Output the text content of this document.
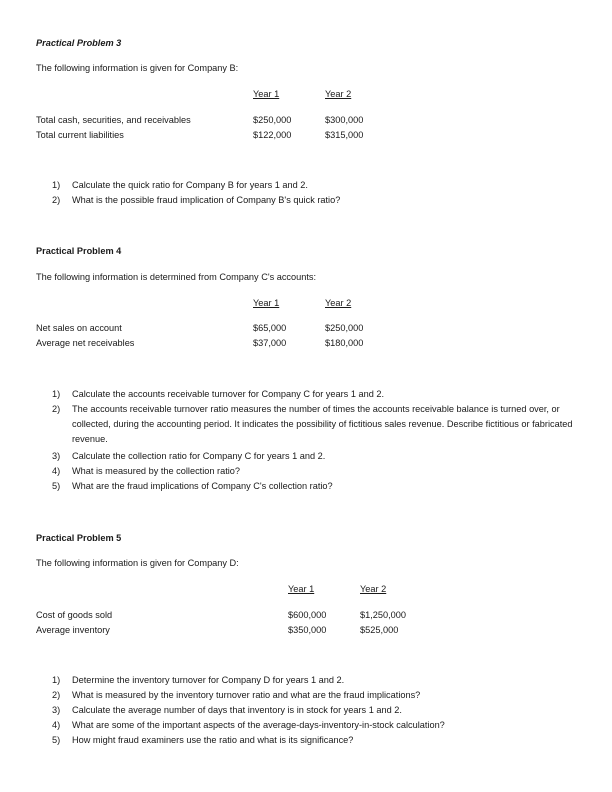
Practical Problem 3
The following information is given for Company B:
Year 1	Year 2
Total cash, securities, and receivables	$250,000	$300,000
Total current liabilities	$122,000	$315,000
1) Calculate the quick ratio for Company B for years 1 and 2.
2) What is the possible fraud implication of Company B's quick ratio?
Practical Problem 4
The following information is determined from Company C's accounts:
Year 1	Year 2
Net sales on account	$65,000	$250,000
Average net receivables	$37,000	$180,000
1) Calculate the accounts receivable turnover for Company C for years 1 and 2.
2) The accounts receivable turnover ratio measures the number of times the accounts receivable balance is turned over, or collected, during the accounting period. It indicates the possibility of fictitious sales revenue. Describe fictitious or fabricated revenue.
3) Calculate the collection ratio for Company C for years 1 and 2.
4) What is measured by the collection ratio?
5) What are the fraud implications of Company C's collection ratio?
Practical Problem 5
The following information is given for Company D:
Year 1	Year 2
Cost of goods sold	$600,000	$1,250,000
Average inventory	$350,000	$525,000
1) Determine the inventory turnover for Company D for years 1 and 2.
2) What is measured by the inventory turnover ratio and what are the fraud implications?
3) Calculate the average number of days that inventory is in stock for years 1 and 2.
4) What are some of the important aspects of the average-days-inventory-in-stock calculation?
5) How might fraud examiners use the ratio and what is its significance?
